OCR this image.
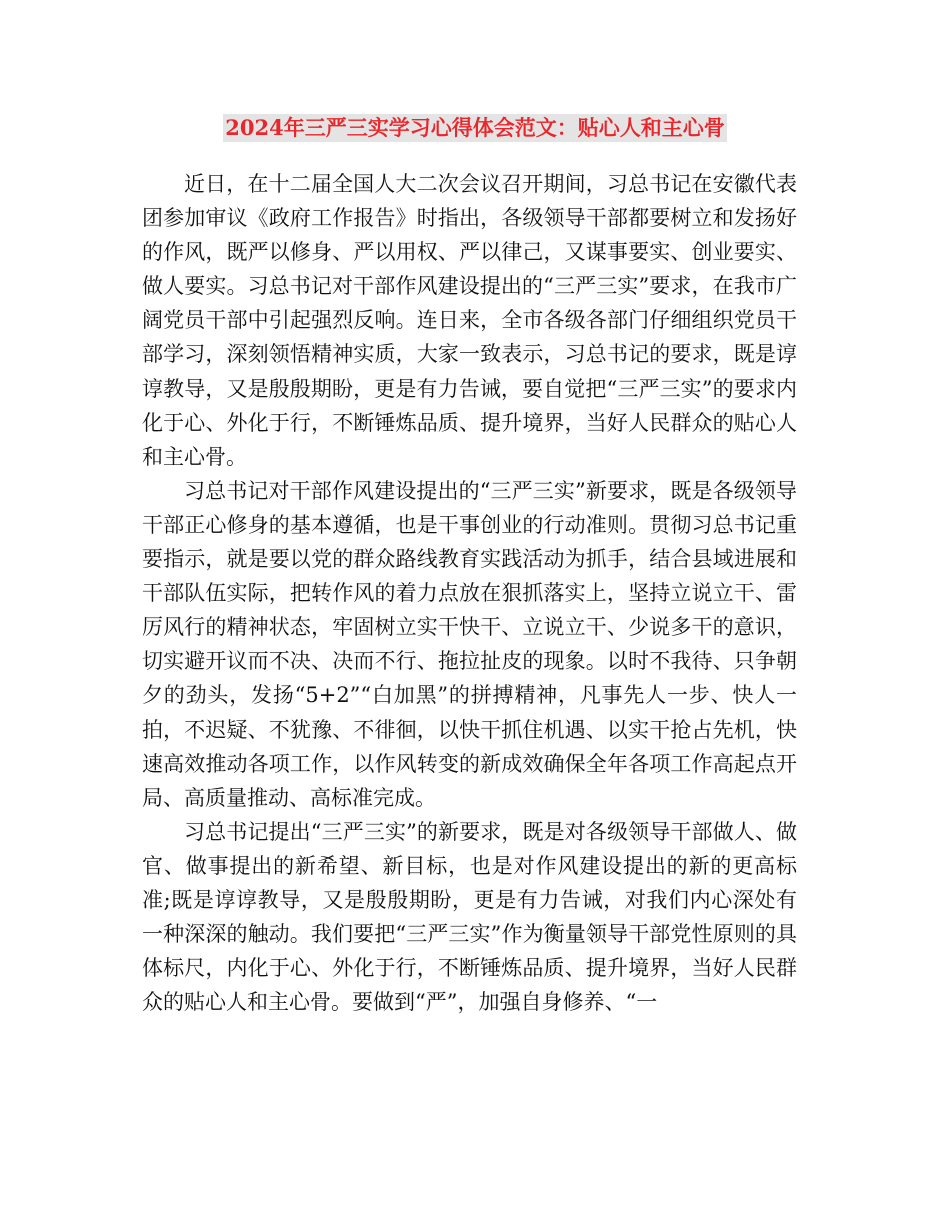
2024年三严三实学习心得体会范文：贴心人和主心骨

近日，在十二届全国人大二次会议召开期间，习总书记在安徽代表团参加审议《政府工作报告》时指出，各级领导干部都要树立和发扬好的作风，既严以修身、严以用权、严以律己，又谋事要实、创业要实、做人要实。习总书记对干部作风建设提出的“三严三实”要求，在我市广阔党员干部中引起强烈反响。连日来，全市各级各部门仔细组织党员干部学习，深刻领悟精神实质，大家一致表示，习总书记的要求，既是谆谆教导，又是殷殷期盼，更是有力告诫，要自觉把“三严三实”的要求内化于心、外化于行，不断锤炼品质、提升境界，当好人民群众的贴心人和主心骨。

习总书记对干部作风建设提出的“三严三实”新要求，既是各级领导干部正心修身的基本遵循，也是干事创业的行动准则。贯彻习总书记重要指示，就是要以党的群众路线教育实践活动为抓手，结合县域进展和干部队伍实际，把转作风的着力点放在狠抓落实上，坚持立说立干、雷厉风行的精神状态，牢固树立实干快干、立说立干、少说多干的意识，切实避开议而不决、决而不行、拖拉扯皮的现象。以时不我待、只争朝夕的劲头，发扬“5+2”“白加黑”的拼搏精神，凡事先人一步、快人一拍，不迟疑、不犹豫、不徘徊，以快干抓住机遇、以实干抢占先机，快速高效推动各项工作，以作风转变的新成效确保全年各项工作高起点开局、高质量推动、高标准完成。

习总书记提出“三严三实”的新要求，既是对各级领导干部做人、做官、做事提出的新希望、新目标，也是对作风建设提出的新的更高标准;既是谆谆教导，又是殷殷期盼，更是有力告诫，对我们内心深处有一种深深的触动。我们要把“三严三实”作为衡量领导干部党性原则的具体标尺，内化于心、外化于行，不断锤炼品质、提升境界，当好人民群众的贴心人和主心骨。要做到“严”，加强自身修养、“一
